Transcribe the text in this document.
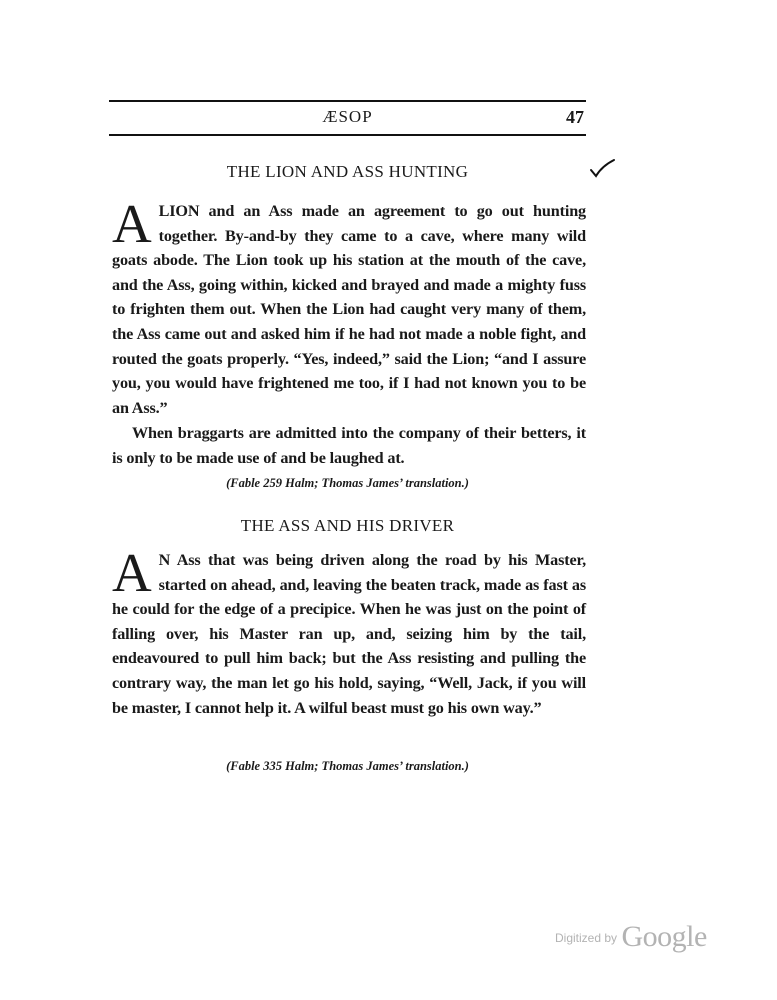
ÆSOP	47
THE LION AND ASS HUNTING

ALION and an Ass made an agreement to go out hunting together. By-and-by they came to a cave, where many wild goats abode. The Lion took up his station at the mouth of the cave, and the Ass, going within, kicked and brayed and made a mighty fuss to frighten them out. When the Lion had caught very many of them, the Ass came out and asked him if he had not made a noble fight, and routed the goats properly. “Yes, indeed,” said the Lion; “and I assure you, you would have frightened me too, if I had not known you to be an Ass.”

When braggarts are admitted into the company of their betters, it is only to be made use of and be laughed at.

(Fable 259 Halm; Thomas James’ translation.)
THE ASS AND HIS DRIVER

A N Ass that was being driven along the road by his Master, started on ahead, and, leaving the beaten track, made as fast as he could for the edge of a precipice. When he was just on the point of falling over, his Master ran up, and, seizing him by the tail, endeavoured to pull him back; but the Ass resisting and pulling the contrary way, the man let go his hold, saying, “Well, Jack, if you will be master, I cannot help it. A wilful beast must go his own way.”

(Fable 335 Halm; Thomas James’ translation.)
$^{Digitized by}$ Google
